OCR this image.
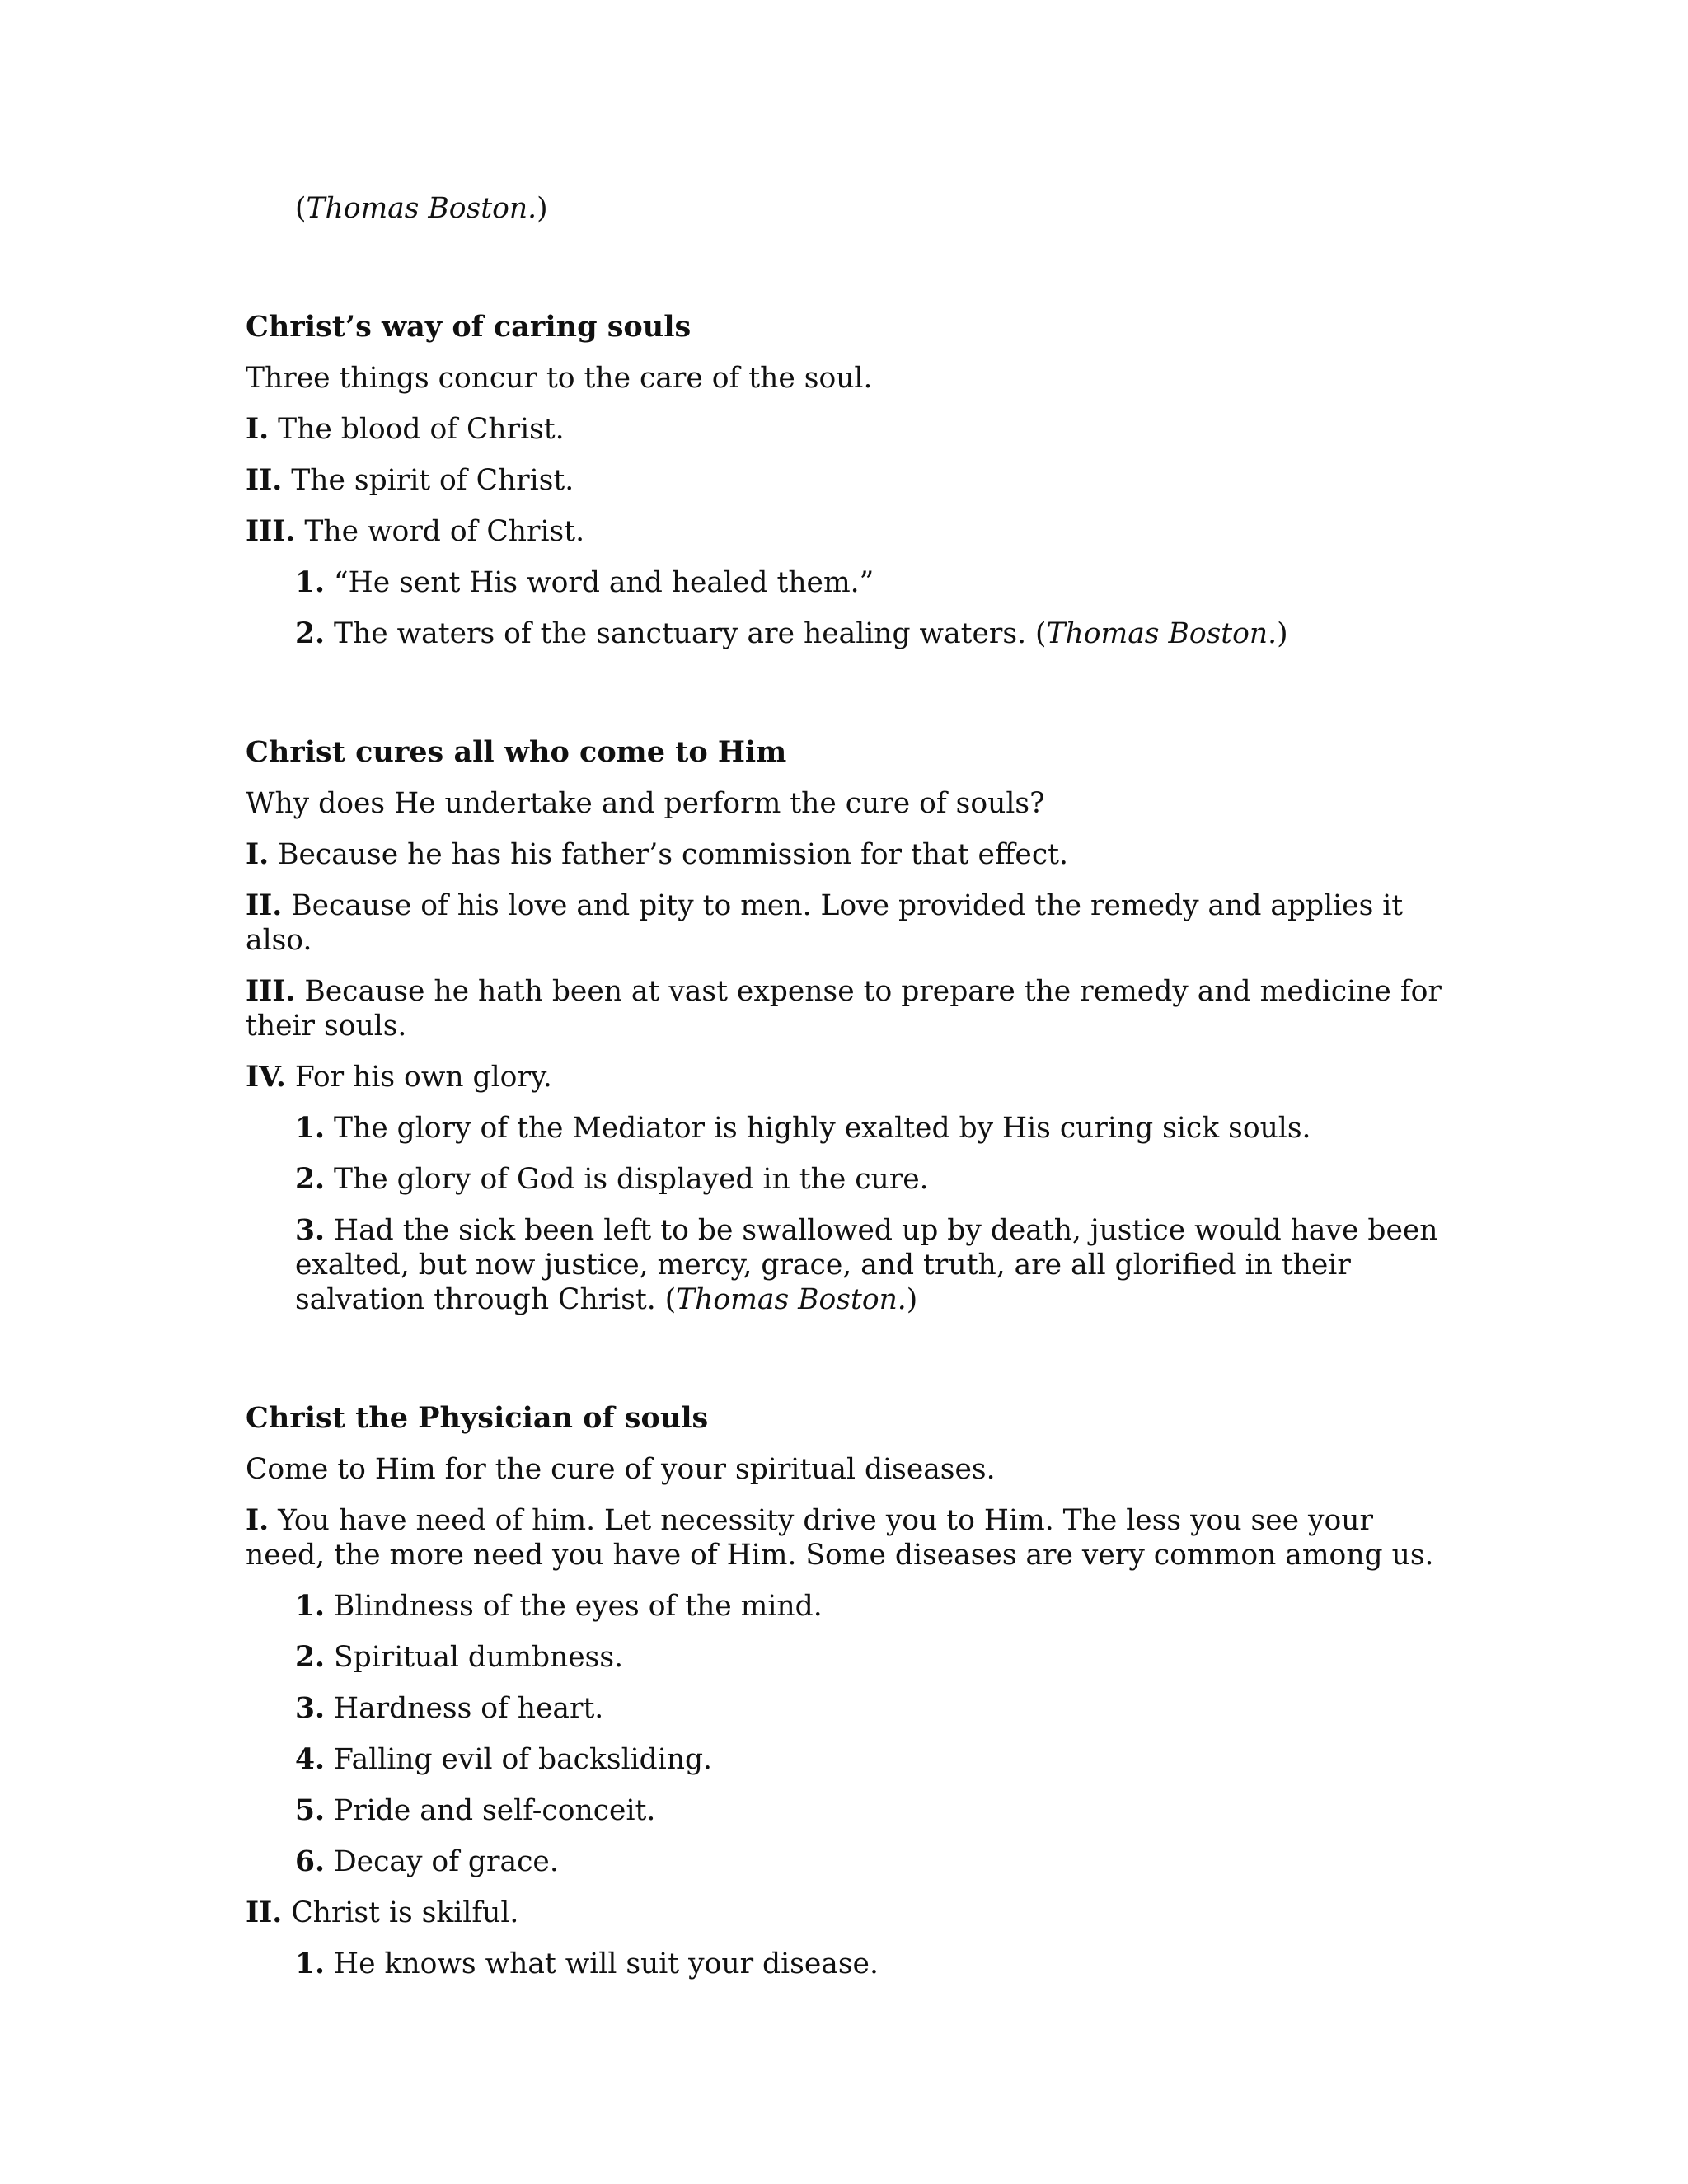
(Thomas Boston.)

Christ’s way of caring souls

Three things concur to the care of the soul.

I. The blood of Christ.

II. The spirit of Christ.

III. The word of Christ.

1. “He sent His word and healed them.”

2. The waters of the sanctuary are healing waters. (Thomas Boston.)

Christ cures all who come to Him

Why does He undertake and perform the cure of souls?

I. Because he has his father’s commission for that effect.

II. Because of his love and pity to men. Love provided the remedy and applies it also.

III. Because he hath been at vast expense to prepare the remedy and medicine for their souls.

IV. For his own glory.

1. The glory of the Mediator is highly exalted by His curing sick souls.

2. The glory of God is displayed in the cure.

3. Had the sick been left to be swallowed up by death, justice would have been exalted, but now justice, mercy, grace, and truth, are all glorified in their salvation through Christ. (Thomas Boston.)

Christ the Physician of souls

Come to Him for the cure of your spiritual diseases.

I. You have need of him. Let necessity drive you to Him. The less you see your need, the more need you have of Him. Some diseases are very common among us.

1. Blindness of the eyes of the mind.

2. Spiritual dumbness.

3. Hardness of heart.

4. Falling evil of backsliding.

5. Pride and self-conceit.

6. Decay of grace.

II. Christ is skilful.

1. He knows what will suit your disease.
